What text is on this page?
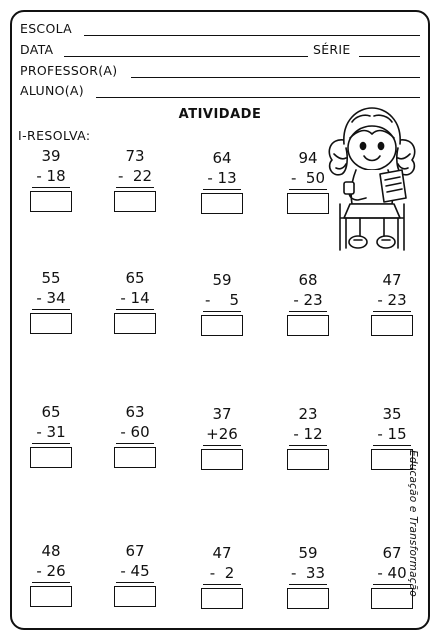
ESCOLA
DATA	SÉRIE
PROFESSOR(A)
ALUNO(A)
ATIVIDADE
I-RESOLVA:
39
- 18
73
-  22
64
- 13
94
-  50
55
- 34
65
- 14
59
-    5
68
- 23
47
- 23
65
- 31
63
- 60
37
+26
23
- 12
35
- 15
48
- 26
67
- 45
47
-  2
59
-  33
67
- 40 Educação e Transformação
